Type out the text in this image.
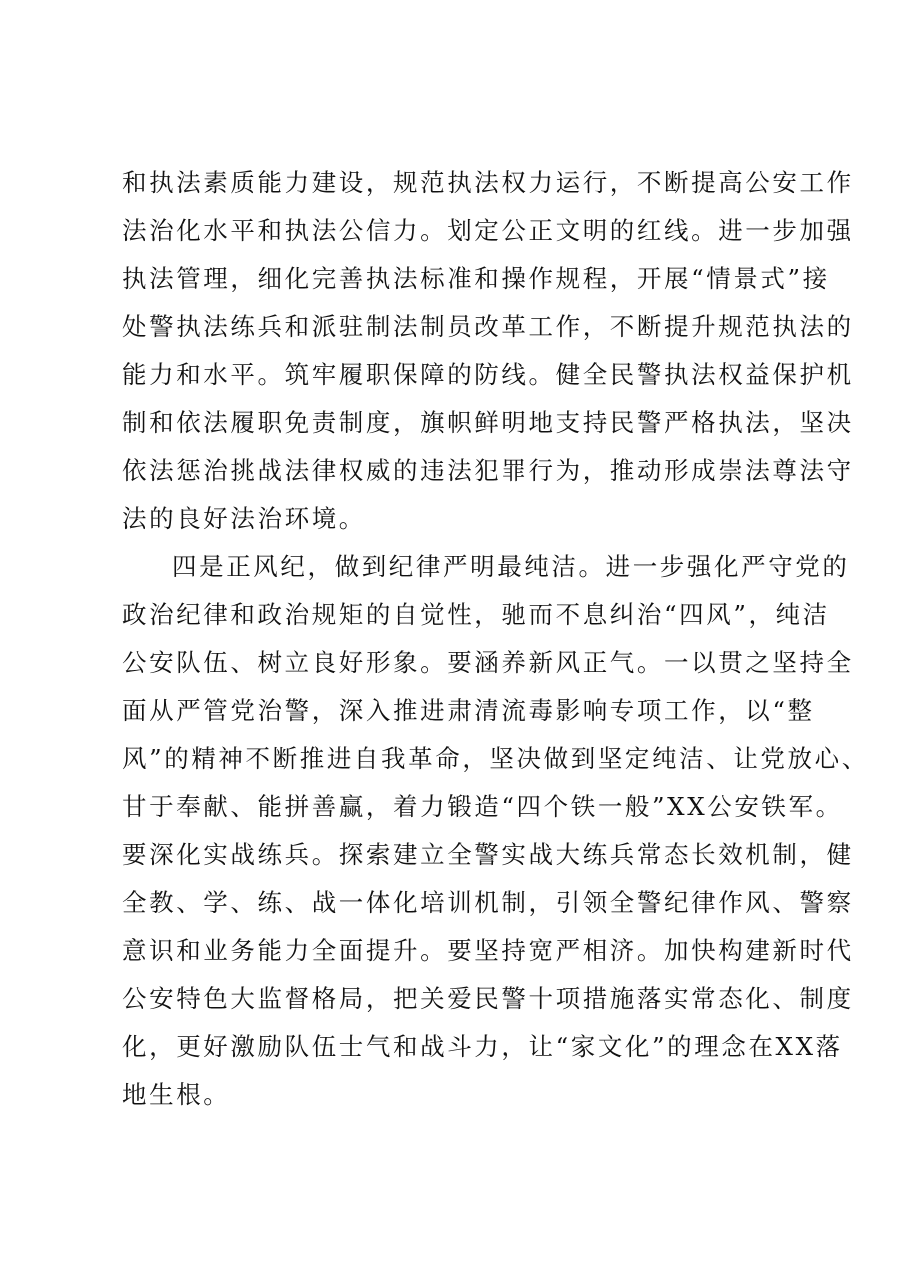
和执法素质能力建设，规范执法权力运行，不断提高公安工作

法治化水平和执法公信力。划定公正文明的红线。进一步加强

执法管理，细化完善执法标准和操作规程，开展“情景式”接

处警执法练兵和派驻制法制员改革工作，不断提升规范执法的

能力和水平。筑牢履职保障的防线。健全民警执法权益保护机

制和依法履职免责制度，旗帜鲜明地支持民警严格执法，坚决

依法惩治挑战法律权威的违法犯罪行为，推动形成崇法尊法守

法的良好法治环境。

四是正风纪，做到纪律严明最纯洁。进一步强化严守党的

政治纪律和政治规矩的自觉性，驰而不息纠治“四风”，纯洁

公安队伍、树立良好形象。要涵养新风正气。一以贯之坚持全

面从严管党治警，深入推进肃清流毒影响专项工作，以“整

风”的精神不断推进自我革命，坚决做到坚定纯洁、让党放心、

甘于奉献、能拼善赢，着力锻造“四个铁一般”XX公安铁军。

要深化实战练兵。探索建立全警实战大练兵常态长效机制，健

全教、学、练、战一体化培训机制，引领全警纪律作风、警察

意识和业务能力全面提升。要坚持宽严相济。加快构建新时代

公安特色大监督格局，把关爱民警十项措施落实常态化、制度

化，更好激励队伍士气和战斗力，让“家文化”的理念在XX落

地生根。
